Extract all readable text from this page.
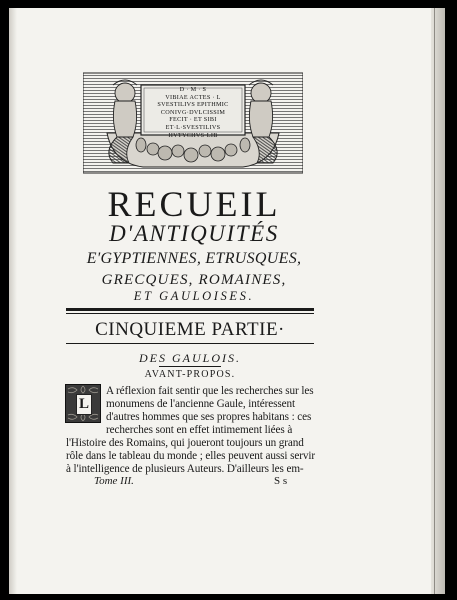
D · M · S
VIBIAE ACTES · L
SVESTILIVS EPITHMIC
CONIVG·DVLCISSIM
FECIT · ET SIBI
ET·L·SVESTILIVS
HVTYCHVS·LIB
RECUEIL
D'ANTIQUITÉS
E'GYPTIENNES, ETRUSQUES,
GRECQUES, ROMAINES,
ET GAULOISES.
CINQUIEME PARTIE·
DES GAULOIS.
AVANT-PROPOS.
L
A réflexion fait sentir que les recherches sur les
monumens de l'ancienne Gaule, intéressent
d'autres hommes que ses propres habitans : ces
recherches sont en effet intimement liées à
l'Histoire des Romains, qui joueront toujours un grand
rôle dans le tableau du monde ; elles peuvent aussi servir
à l'intelligence de plusieurs Auteurs. D'ailleurs les em-
Tome III.	S s
